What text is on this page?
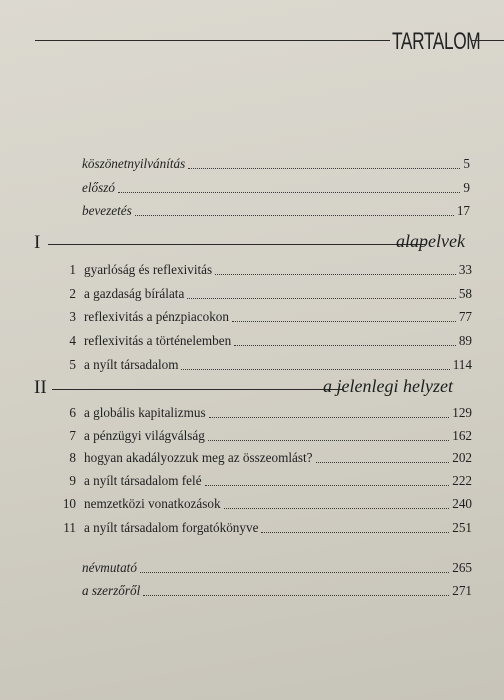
TARTALOM
köszönetnyilvánítás	5
előszó	9
bevezetés	17
I	alapelvek
1 gyarlóság és reflexivitás	33
2 a gazdaság bírálata	58
3 reflexivitás a pénzpiacokon	77
4 reflexivitás a történelemben	89
5 a nyílt társadalom	114
II	a jelenlegi helyzet
6 a globális kapitalizmus	129
7 a pénzügyi világválság	162
8 hogyan akadályozzuk meg az összeomlást?	202
9 a nyílt társadalom felé	222
10 nemzetközi vonatkozások	240
11 a nyílt társadalom forgatókönyve	251
névmutató	265
a szerzőről	271
